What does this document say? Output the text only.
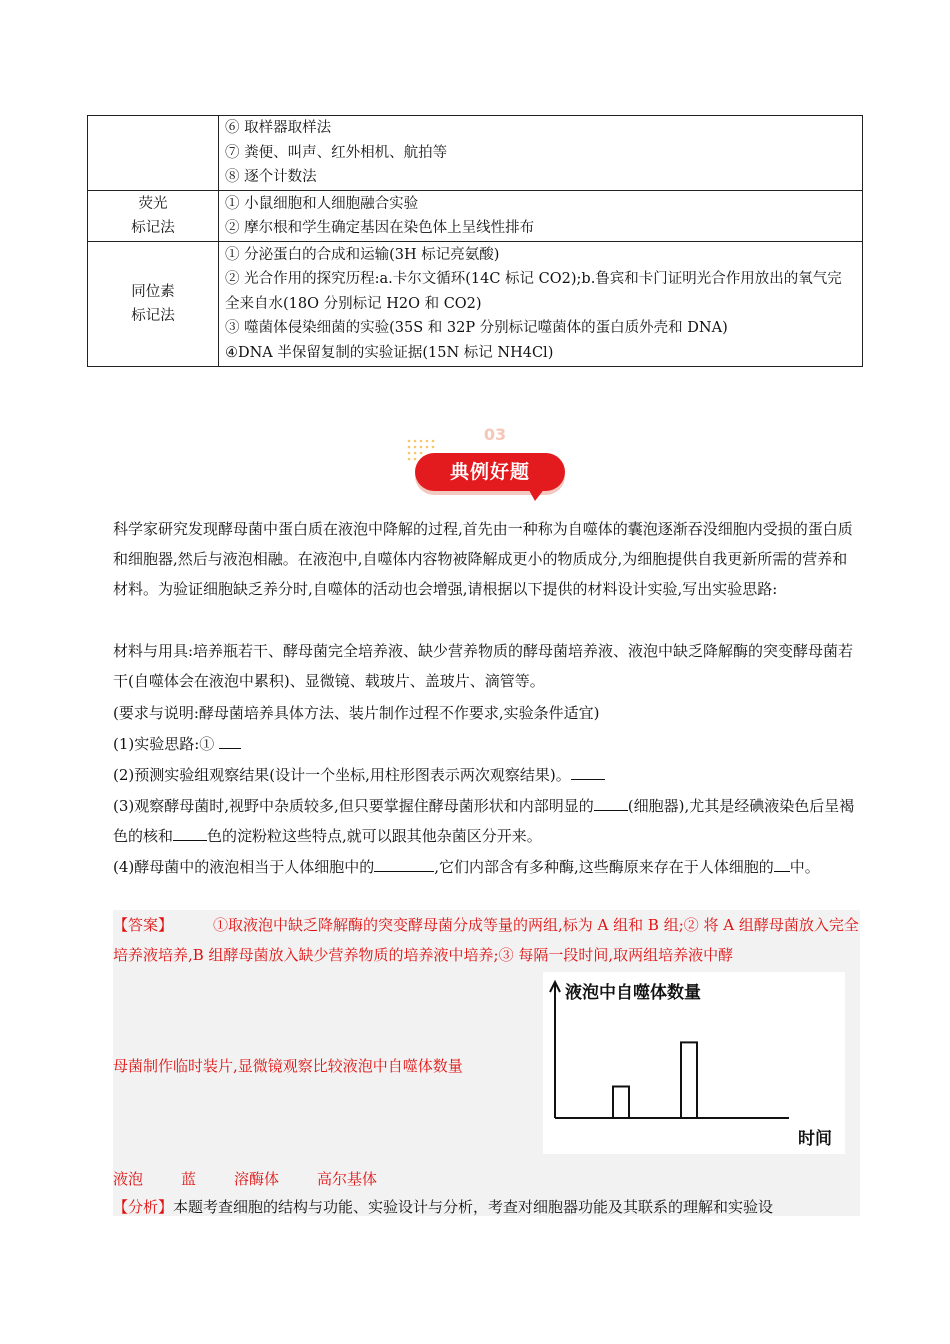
	⑥ 取样器取样法
⑦ 粪便、叫声、红外相机、航拍等
⑧ 逐个计数法

荧光
标记法	① 小鼠细胞和人细胞融合实验
② 摩尔根和学生确定基因在染色体上呈线性排布

同位素
标记法	① 分泌蛋白的合成和运输(3H 标记亮氨酸)
② 光合作用的探究历程:a.卡尔文循环(14C 标记 CO2);b.鲁宾和卡门证明光合作用放出的氧气完全来自水(18O 分别标记 H2O 和 CO2)
③ 噬菌体侵染细菌的实验(35S 和 32P 分别标记噬菌体的蛋白质外壳和 DNA)
④DNA 半保留复制的实验证据(15N 标记 NH4Cl)
03
典例好题

科学家研究发现酵母菌中蛋白质在液泡中降解的过程,首先由一种称为自噬体的囊泡逐渐吞没细胞内受损的蛋白质和细胞器,然后与液泡相融。在液泡中,自噬体内容物被降解成更小的物质成分,为细胞提供自我更新所需的营养和材料。为验证细胞缺乏养分时,自噬体的活动也会增强,请根据以下提供的材料设计实验,写出实验思路:

材料与用具:培养瓶若干、酵母菌完全培养液、缺少营养物质的酵母菌培养液、液泡中缺乏降解酶的突变酵母菌若干(自噬体会在液泡中累积)、显微镜、载玻片、盖玻片、滴管等。

(要求与说明:酵母菌培养具体方法、装片制作过程不作要求,实验条件适宜)

(1)实验思路:①

(2)预测实验组观察结果(设计一个坐标,用柱形图表示两次观察结果)。

(3)观察酵母菌时,视野中杂质较多,但只要掌握住酵母菌形状和内部明显的 (细胞器),尤其是经碘液染色后呈褐色的核和 色的淀粉粒这些特点,就可以跟其他杂菌区分开来。

(4)酵母菌中的液泡相当于人体细胞中的	,它们内部含有多种酶,这些酶原来存在于人体细胞的 中。

【答案】	①取液泡中缺乏降解酶的突变酵母菌分成等量的两组,标为 A 组和 B 组;② 将 A 组酵母菌放入完全培养液培养,B 组酵母菌放入缺少营养物质的培养液中培养;③ 每隔一段时间,取两组培养液中酵
母菌制作临时装片,显微镜观察比较液泡中自噬体数量
液泡中自噬体数量
时间
液泡	蓝	溶酶体	高尔基体
【分析】本题考查细胞的结构与功能、实验设计与分析，考查对细胞器功能及其联系的理解和实验设
